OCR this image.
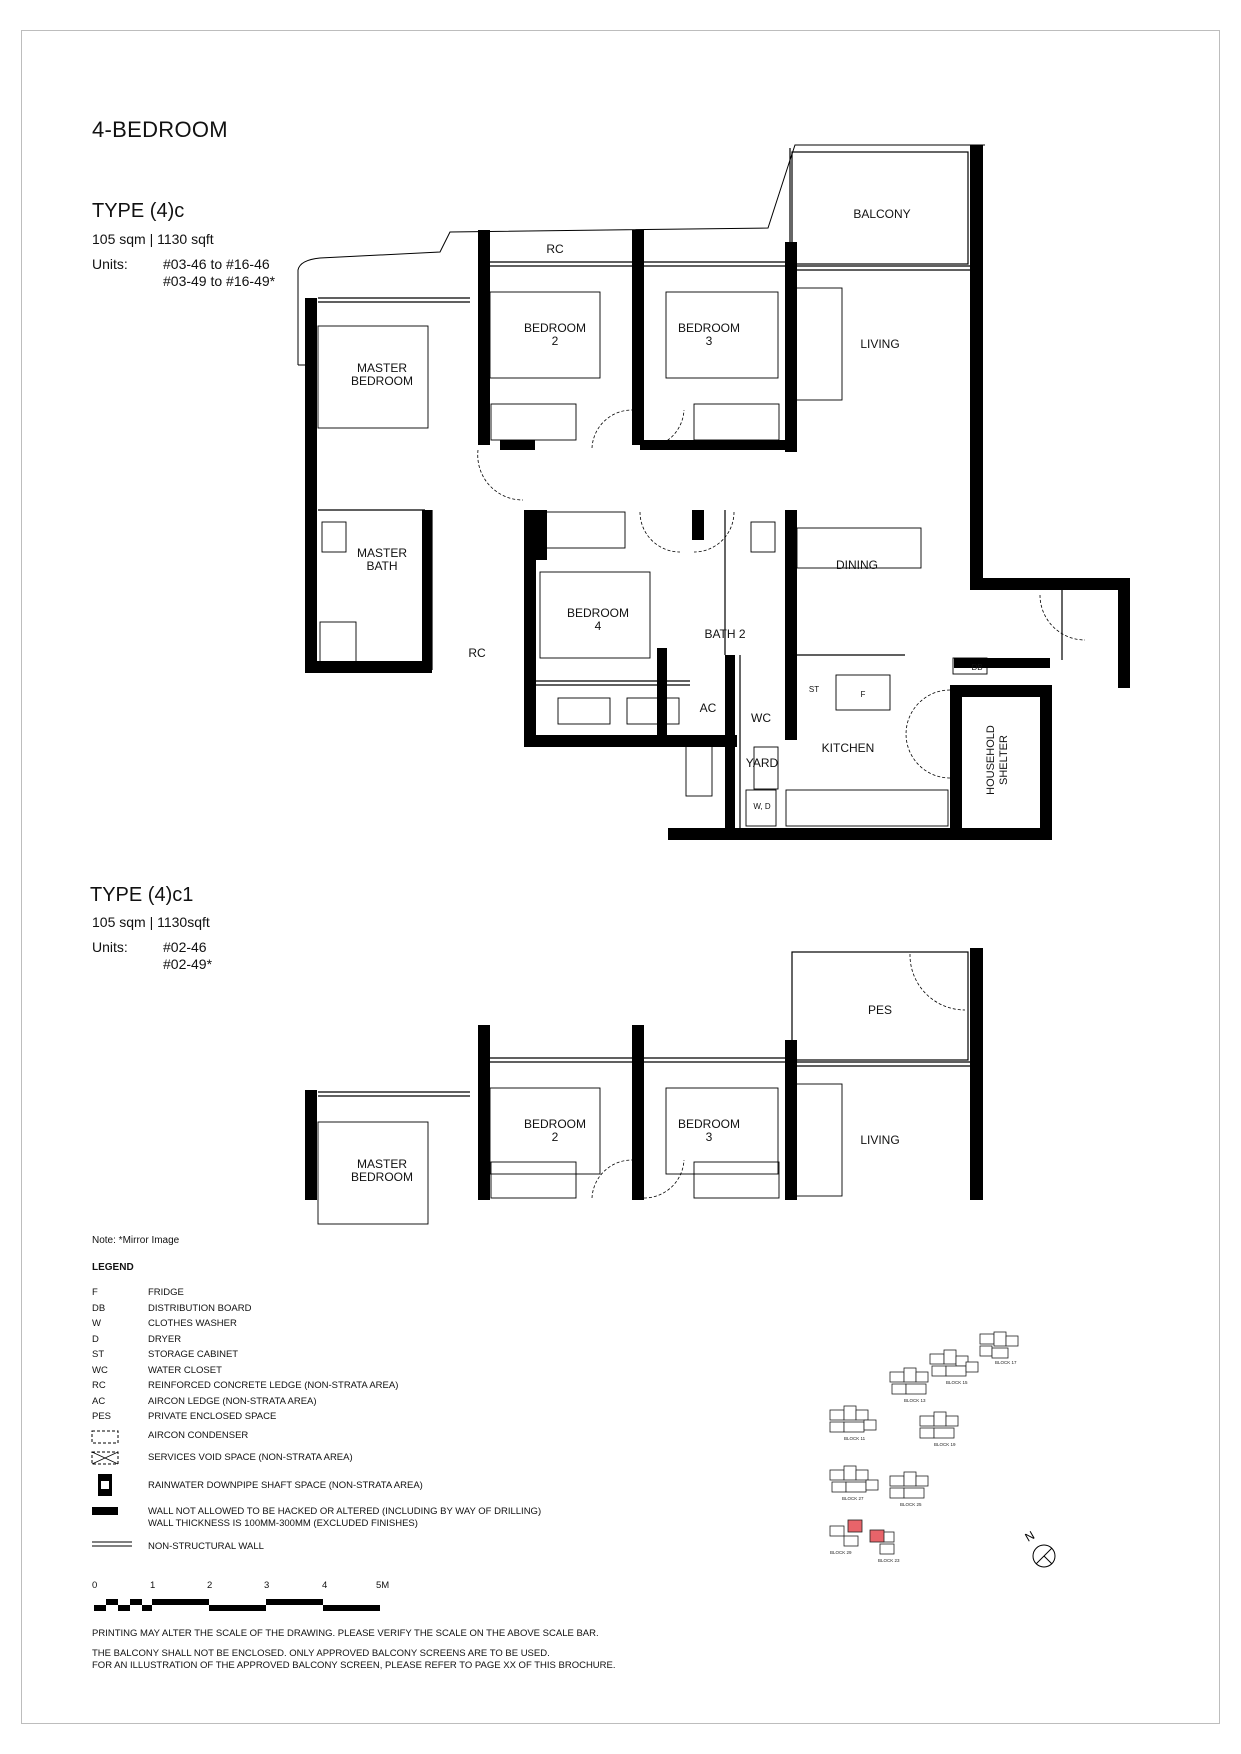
4-BEDROOM
TYPE (4)c
105 sqm | 1130 sqft
Units:	#03-46 to #16-46
#03-49 to #16-49*
TYPE (4)c1
105 sqm | 1130sqft
Units:	#02-46
#02-49*
BALCONY
RC
LIVING
MASTER
BEDROOM
BEDROOM
2
BEDROOM
3
MASTER
BATH	DINING
BEDROOM
4
BATH 2
RC
AC
WC
YARD
KITCHEN
DB
ST
F
W, D
HOUSEHOLD SHELTER
PES
LIVING
MASTER
BEDROOM
BEDROOM
2
BEDROOM
3
Note: *Mirror Image
LEGEND
F	FRIDGE
DB	DISTRIBUTION BOARD
W	CLOTHES WASHER
D	DRYER
ST	STORAGE CABINET
WC	WATER CLOSET
RC	REINFORCED CONCRETE LEDGE (NON-STRATA AREA)
AC	AIRCON LEDGE (NON-STRATA AREA)
PES	PRIVATE ENCLOSED SPACE
AIRCON CONDENSER
SERVICES VOID SPACE (NON-STRATA AREA)
RAINWATER DOWNPIPE SHAFT SPACE (NON-STRATA AREA)
WALL NOT ALLOWED TO BE HACKED OR ALTERED (INCLUDING BY WAY OF DRILLING)
WALL THICKNESS IS 100MM-300MM (EXCLUDED FINISHES)
NON-STRUCTURAL WALL
0	1	2	3	4	5M
PRINTING MAY ALTER THE SCALE OF THE DRAWING. PLEASE VERIFY THE SCALE ON THE ABOVE SCALE BAR.
THE BALCONY SHALL NOT BE ENCLOSED. ONLY APPROVED BALCONY SCREENS ARE TO BE USED.
FOR AN ILLUSTRATION OF THE APPROVED BALCONY SCREEN, PLEASE REFER TO PAGE XX OF THIS BROCHURE.
BLOCK 17
BLOCK 15
BLOCK 13
BLOCK 11
BLOCK 19
BLOCK 27
BLOCK 25
BLOCK 29
BLOCK 23
N
